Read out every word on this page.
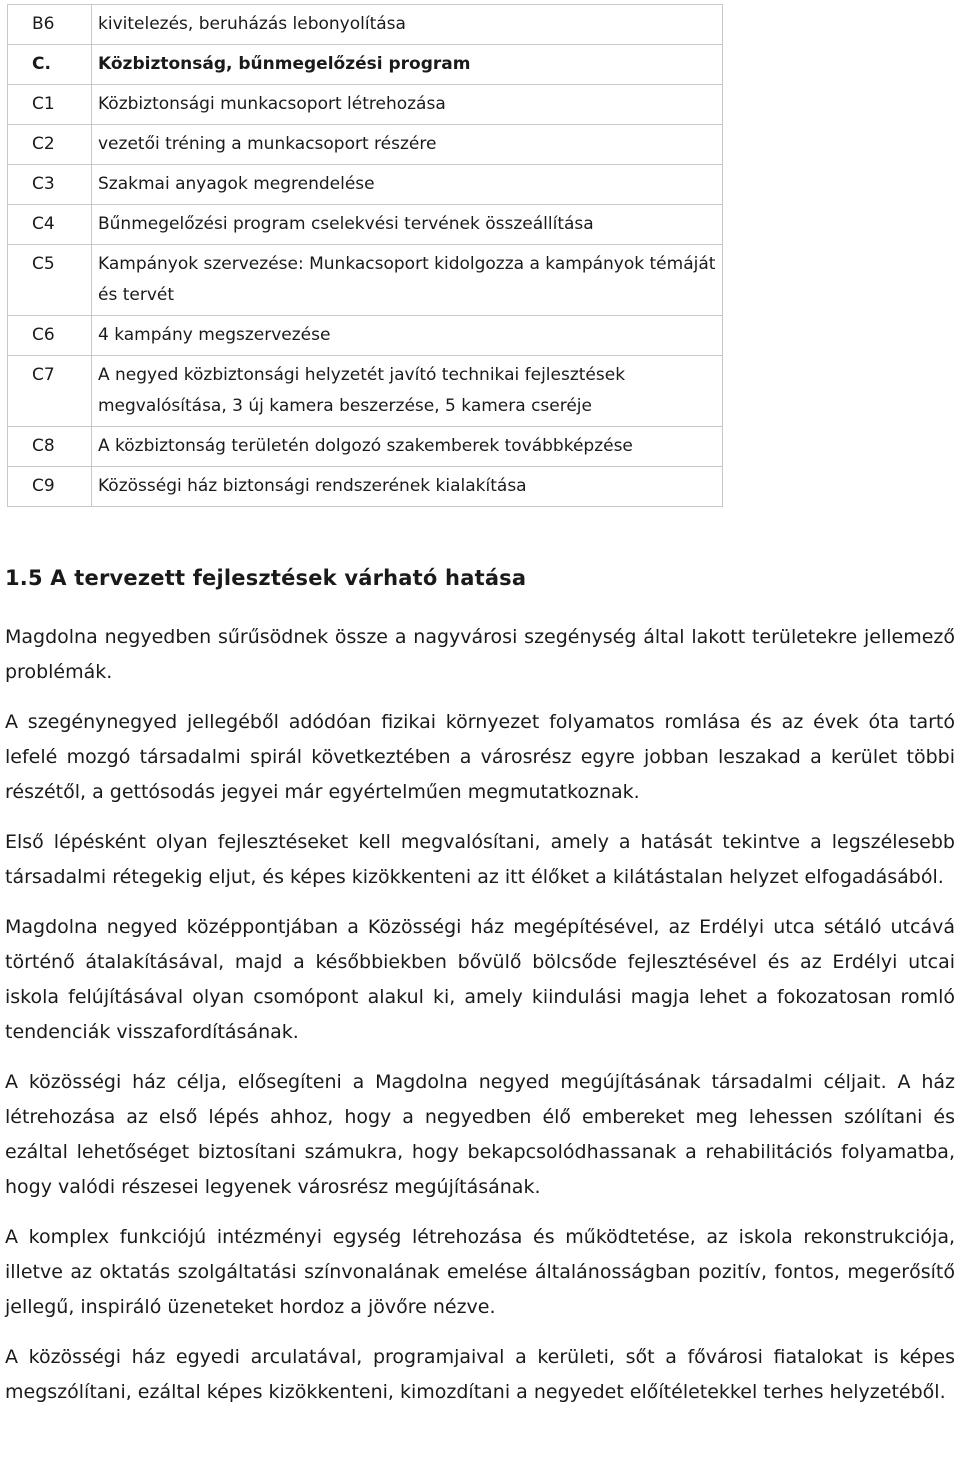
B6	kivitelezés, beruházás lebonyolítása
C.	Közbiztonság, bűnmegelőzési program
C1	Közbiztonsági munkacsoport létrehozása
C2	vezetői tréning a munkacsoport részére
C3	Szakmai anyagok megrendelése
C4	Bűnmegelőzési program cselekvési tervének összeállítása
C5	Kampányok szervezése: Munkacsoport kidolgozza a kampányok témáját és tervét
C6	4 kampány megszervezése
C7	A negyed közbiztonsági helyzetét javító technikai fejlesztések megvalósítása, 3 új kamera beszerzése, 5 kamera cseréje
C8	A közbiztonság területén dolgozó szakemberek továbbképzése
C9	Közösségi ház biztonsági rendszerének kialakítása
1.5 A tervezett fejlesztések várható hatása

Magdolna negyedben sűrűsödnek össze a nagyvárosi szegénység által lakott területekre jellemező problémák.

A szegénynegyed jellegéből adódóan fizikai környezet folyamatos romlása és az évek óta tartó lefelé mozgó társadalmi spirál következtében a városrész egyre jobban leszakad a kerület többi részétől, a gettósodás jegyei már egyértelműen megmutatkoznak.

Első lépésként olyan fejlesztéseket kell megvalósítani, amely a hatását tekintve a legszélesebb társadalmi rétegekig eljut, és képes kizökkenteni az itt élőket a kilátástalan helyzet elfogadásából.

Magdolna negyed középpontjában a Közösségi ház megépítésével, az Erdélyi utca sétáló utcává történő átalakításával, majd a későbbiekben bővülő bölcsőde fejlesztésével és az Erdélyi utcai iskola felújításával olyan csomópont alakul ki, amely kiindulási magja lehet a fokozatosan romló tendenciák visszafordításának.

A közösségi ház célja, elősegíteni a Magdolna negyed megújításának társadalmi céljait. A ház létrehozása az első lépés ahhoz, hogy a negyedben élő embereket meg lehessen szólítani és ezáltal lehetőséget biztosítani számukra, hogy bekapcsolódhassanak a rehabilitációs folyamatba, hogy valódi részesei legyenek városrész megújításának.

A komplex funkciójú intézményi egység létrehozása és működtetése, az iskola rekonstrukciója, illetve az oktatás szolgáltatási színvonalának emelése általánosságban pozitív, fontos, megerősítő jellegű, inspiráló üzeneteket hordoz a jövőre nézve.

A közösségi ház egyedi arculatával, programjaival a kerületi, sőt a fővárosi fiatalokat is képes megszólítani, ezáltal képes kizökkenteni, kimozdítani a negyedet előítéletekkel terhes helyzetéből.
